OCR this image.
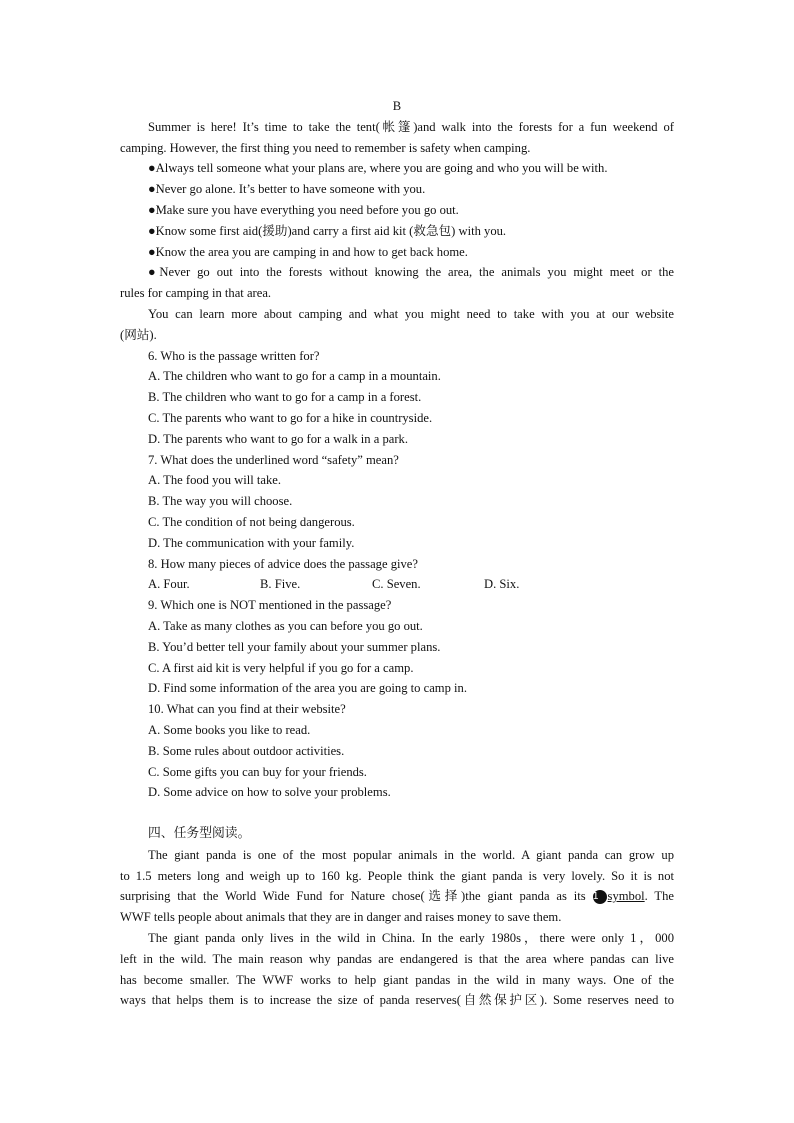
B
Summer is here! It’s time to take the tent(帐篷)and walk into the forests for a fun weekend of
camping. However, the first thing you need to remember is safety when camping.
●Always tell someone what your plans are, where you are going and who you will be with.
●Never go alone. It’s better to have someone with you.
●Make sure you have everything you need before you go out.
●Know some first aid(援助)and carry a first aid kit (救急包) with you.
●Know the area you are camping in and how to get back home.
●Never go out into the forests without knowing the area, the animals you might meet or the
rules for camping in that area.
You can learn more about camping and what you might need to take with you at our website
(网站).
6. Who is the passage written for?
A. The children who want to go for a camp in a mountain.
B. The children who want to go for a camp in a forest.
C. The parents who want to go for a hike in countryside.
D. The parents who want to go for a walk in a park.
7. What does the underlined word “safety” mean?
A. The food you will take.
B. The way you will choose.
C. The condition of not being dangerous.
D. The communication with your family.
8. How many pieces of advice does the passage give?
A. Four.	B. Five.	C. Seven.	D. Six.
9. Which one is NOT mentioned in the passage?
A. Take as many clothes as you can before you go out.
B. You’d better tell your family about your summer plans.
C. A first aid kit is very helpful if you go for a camp.
D. Find some information of the area you are going to camp in.
10. What can you find at their website?
A. Some books you like to read.
B. Some rules about outdoor activities.
C. Some gifts you can buy for your friends.
D. Some advice on how to solve your problems.
四、任务型阅读。
The giant panda is one of the most popular animals in the world. A giant panda can grow up
to 1.5 meters long and weigh up to 160 kg. People think the giant panda is very lovely. So it is not
surprising that the World Wide Fund for Nature chose(选择)the giant panda as its 1 symbol. The
WWF tells people about animals that they are in danger and raises money to save them.
The giant panda only lives in the wild in China. In the early 1980s，there were only 1，000
left in the wild. The main reason why pandas are endangered is that the area where pandas can live
has become smaller. The WWF works to help giant pandas in the wild in many ways. One of the
ways that helps them is to increase the size of panda reserves(自然保护区). Some reserves need to
